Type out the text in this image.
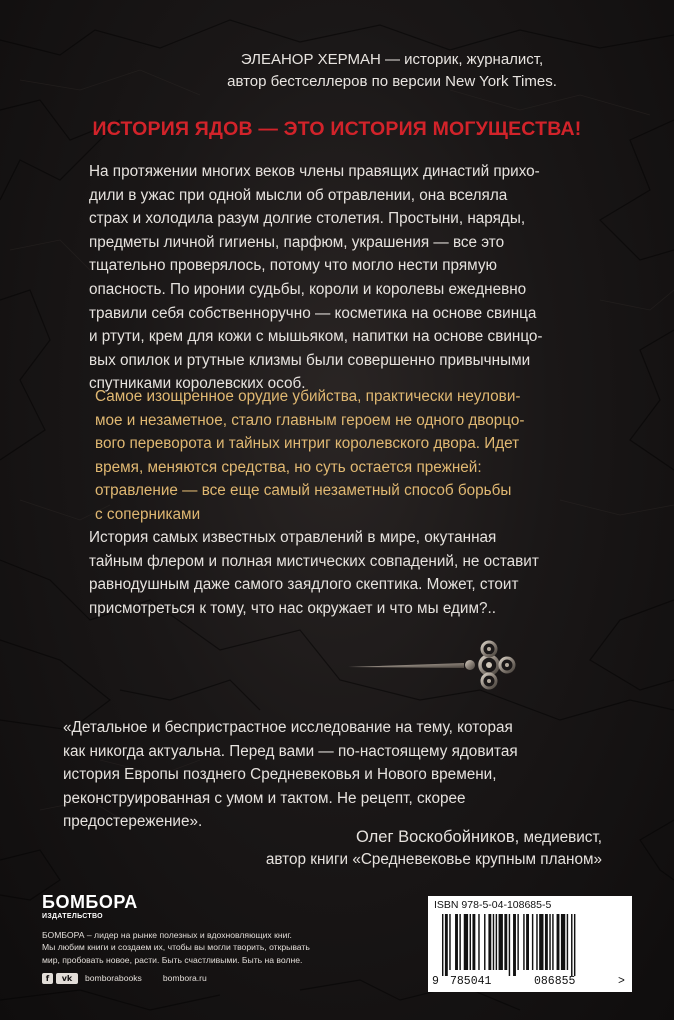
ЭЛЕАНОР ХЕРМАН — историк, журналист,
автор бестселлеров по версии New York Times.
ИСТОРИЯ ЯДОВ — ЭТО ИСТОРИЯ МОГУЩЕСТВА!
На протяжении многих веков члены правящих династий прихо-
дили в ужас при одной мысли об отравлении, она вселяла
страх и холодила разум долгие столетия. Простыни, наряды,
предметы личной гигиены, парфюм, украшения — все это
тщательно проверялось, потому что могло нести прямую
опасность. По иронии судьбы, короли и королевы ежедневно
травили себя собственноручно — косметика на основе свинца
и ртути, крем для кожи с мышьяком, напитки на основе свинцо-
вых опилок и ртутные клизмы были совершенно привычными
спутниками королевских особ.
Самое изощренное орудие убийства, практически неулови-
мое и незаметное, стало главным героем не одного дворцо-
вого переворота и тайных интриг королевского двора. Идет
время, меняются средства, но суть остается прежней:
отравление — все еще самый незаметный способ борьбы
с соперниками
История самых известных отравлений в мире, окутанная
тайным флером и полная мистических совпадений, не оставит
равнодушным даже самого заядлого скептика. Может, стоит
присмотреться к тому, что нас окружает и что мы едим?..
«Детальное и беспристрастное исследование на тему, которая
как никогда актуальна. Перед вами — по-настоящему ядовитая
история Европы позднего Средневековья и Нового времени,
реконструированная с умом и тактом. Не рецепт, скорее
предостережение».
Олег Воскобойников, медиевист,
автор книги «Средневековье крупным планом»
БОМБОРА
ИЗДАТЕЛЬСТВО
БОМБОРА – лидер на рынке полезных и вдохновляющих книг.
Мы любим книги и создаем их, чтобы вы могли творить, открывать
мир, пробовать новое, расти. Быть счастливыми. Быть на волне.
f	vk	bomborabooks bombora.ru
ISBN 978-5-04-108685-5
9 785041	086855	>
